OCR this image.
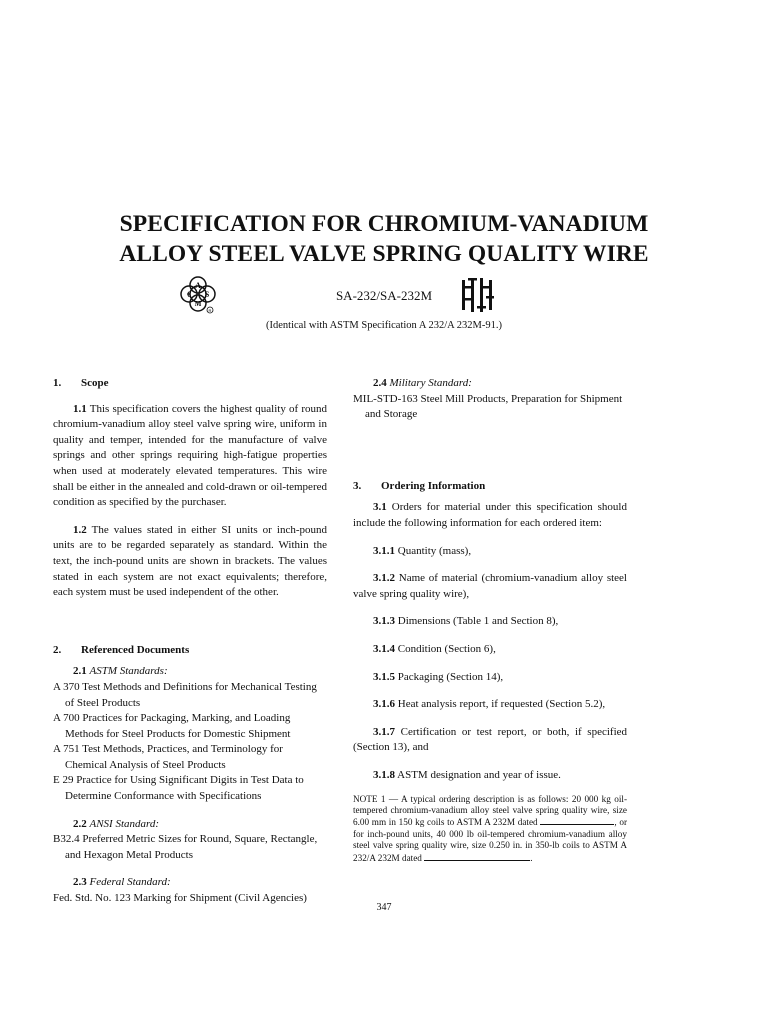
SPECIFICATION FOR CHROMIUM-VANADIUM
ALLOY STEEL VALVE SPRING QUALITY WIRE
A
€ S
M
R
SA-232/SA-232M
(Identical with ASTM Specification A 232/A 232M-91.)

1. Scope

1.1 This specification covers the highest quality of round chromium-vanadium alloy steel valve spring wire, uniform in quality and temper, intended for the manufacture of valve springs and other springs requiring high-fatigue properties when used at moderately elevated temperatures. This wire shall be either in the annealed and cold-drawn or oil-tempered condition as specified by the purchaser.

1.2 The values stated in either SI units or inch-pound units are to be regarded separately as standard. Within the text, the inch-pound units are shown in brackets. The values stated in each system are not exact equivalents; therefore, each system must be used independent of the other.

2. Referenced Documents

2.1 ASTM Standards:

A 370 Test Methods and Definitions for Mechanical Testing of Steel Products

A 700 Practices for Packaging, Marking, and Loading Methods for Steel Products for Domestic Shipment

A 751 Test Methods, Practices, and Terminology for Chemical Analysis of Steel Products

E 29 Practice for Using Significant Digits in Test Data to Determine Conformance with Specifications

2.2 ANSI Standard:

B32.4 Preferred Metric Sizes for Round, Square, Rectangle, and Hexagon Metal Products

2.3 Federal Standard:

Fed. Std. No. 123 Marking for Shipment (Civil Agencies)

2.4 Military Standard:

MIL-STD-163 Steel Mill Products, Preparation for Shipment and Storage

3. Ordering Information

3.1 Orders for material under this specification should include the following information for each ordered item:

3.1.1 Quantity (mass),

3.1.2 Name of material (chromium-vanadium alloy steel valve spring quality wire),

3.1.3 Dimensions (Table 1 and Section 8),

3.1.4 Condition (Section 6),

3.1.5 Packaging (Section 14),

3.1.6 Heat analysis report, if requested (Section 5.2),

3.1.7 Certification or test report, or both, if specified (Section 13), and

3.1.8 ASTM designation and year of issue.

NOTE 1 — A typical ordering description is as follows: 20 000 kg oil-tempered chromium-vanadium alloy steel valve spring quality wire, size 6.00 mm in 150 kg coils to ASTM A 232M dated	, or for inch-pound units, 40 000 lb oil-tempered chromium-vanadium alloy steel valve spring quality wire, size 0.250 in. in 350-lb coils to ASTM A 232/A 232M dated	.

347
